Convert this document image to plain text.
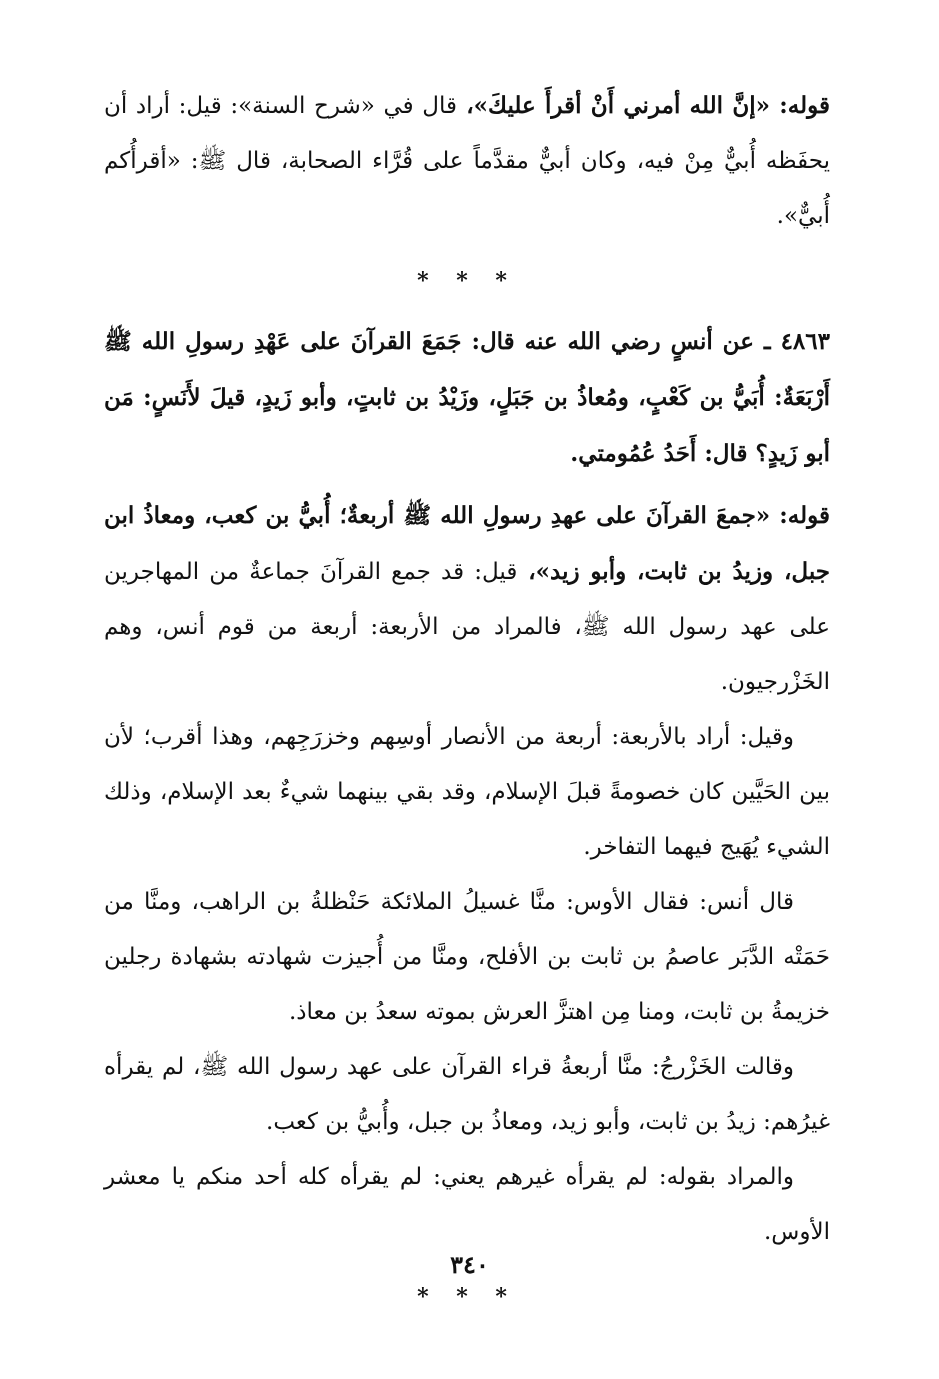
قوله: «إنَّ الله أمرني أَنْ أقرأَ عليكَ»، قال في «شرح السنة»: قيل: أراد أن يحفَظه أُبيٌّ مِنْ فيه، وكان أبيٌّ مقدَّماً على قُرَّاء الصحابة، قال ﷺ: «أقرأُكم أُبيٌّ».

* * *

٤٨٦٣ ـ عن أنسٍ رضي الله عنه قال: جَمَعَ القرآنَ على عَهْدِ رسولِ الله ﷺ أَرْبَعَةٌ: أُبَيُّ بن كَعْبٍ، ومُعاذُ بن جَبَلٍ، وزَيْدُ بن ثابتٍ، وأبو زَيدٍ، قيلَ لأَنَسٍ: مَن أبو زَيدٍ؟ قال: أَحَدُ عُمُومتي.

قوله: «جمعَ القرآنَ على عهدِ رسولِ الله ﷺ أربعةٌ؛ أُبيُّ بن كعب، ومعاذُ ابن جبل، وزيدُ بن ثابت، وأبو زيد»، قيل: قد جمع القرآنَ جماعةٌ من المهاجرين على عهد رسول الله ﷺ، فالمراد من الأربعة: أربعة من قوم أنس، وهم الخَزْرجيون.

وقيل: أراد بالأربعة: أربعة من الأنصار أوسِهم وخزرَجِهم، وهذا أقرب؛ لأن بين الحَيَّين كان خصومةً قبلَ الإسلام، وقد بقي بينهما شيءٌ بعد الإسلام، وذلك الشيء يُهَيج فيهما التفاخر.

قال أنس: فقال الأوس: منَّا غسيلُ الملائكة حَنْظلةُ بن الراهب، ومنَّا من حَمَتْه الدَّبَر عاصمُ بن ثابت بن الأفلح، ومنَّا من أُجيزت شهادته بشهادة رجلين خزيمةُ بن ثابت، ومنا مِن اهتزَّ العرش بموته سعدُ بن معاذ.

وقالت الخَزْرجُ: منَّا أربعةُ قراء القرآن على عهد رسول الله ﷺ، لم يقرأه غيرُهم: زيدُ بن ثابت، وأبو زيد، ومعاذُ بن جبل، وأُبيُّ بن كعب.

والمراد بقوله: لم يقرأه غيرهم يعني: لم يقرأه كله أحد منكم يا معشر الأوس.

* * *
٣٤٠
